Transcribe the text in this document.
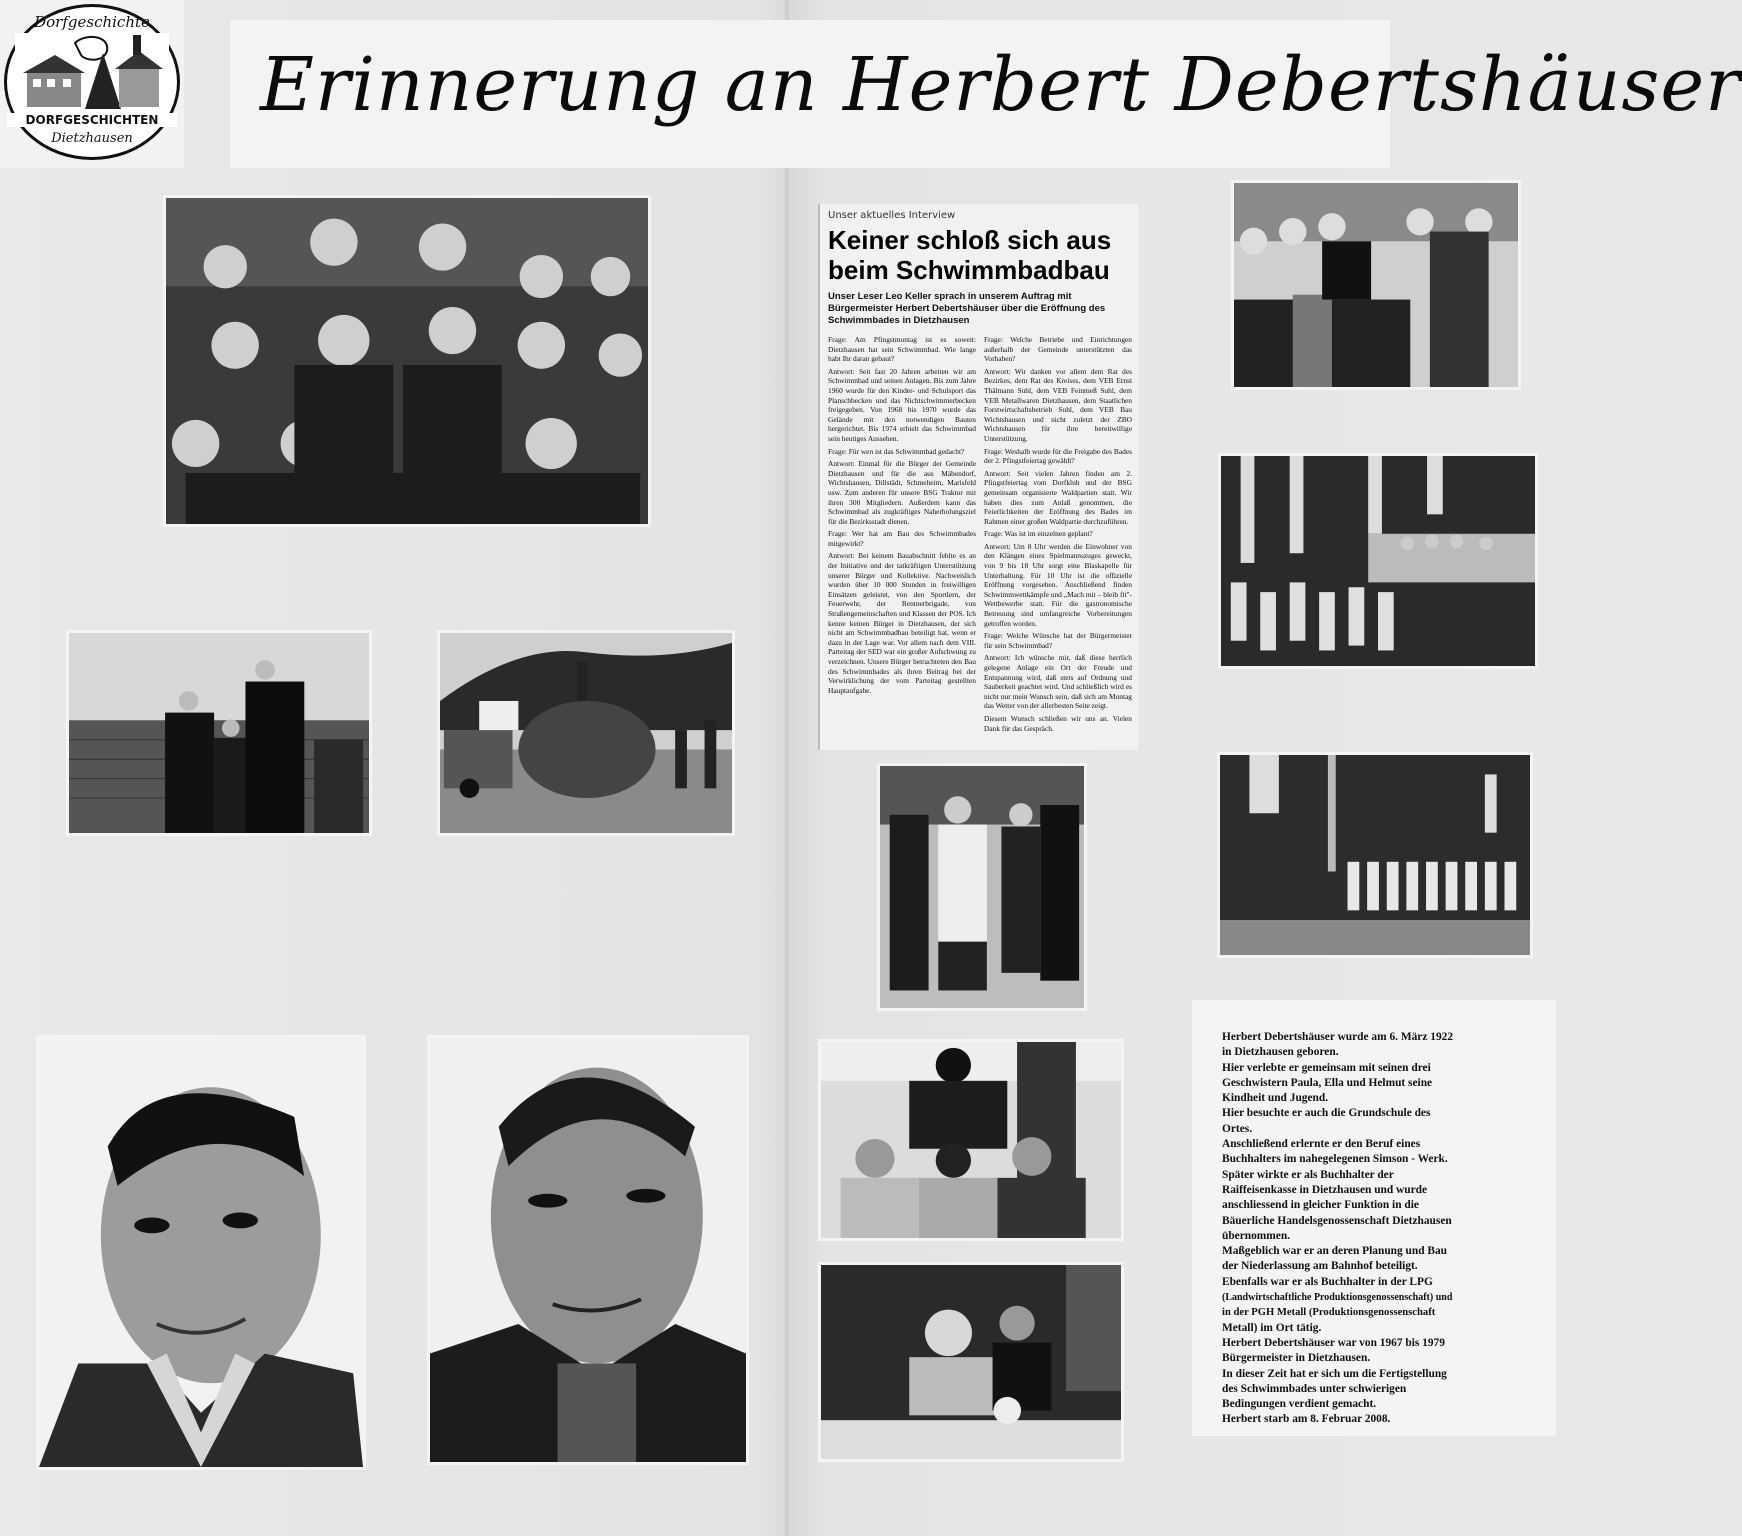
Dorfgeschichte
DORFGESCHICHTEN
Dietzhausen
Erinnerung an Herbert Debertshäuser
Unser aktuelles Interview
Keiner schloß sich aus
beim Schwimmbadbau
Unser Leser Leo Keller sprach in unserem Auftrag mit Bürgermeister Herbert Debertshäuser über die Eröffnung des Schwimmbades in Dietzhausen

Frage: Am Pfingstmontag ist es soweit: Dietzhausen hat sein Schwimmbad. Wie lange habt Ihr daran gebaut?

Antwort: Seit fast 20 Jahren arbeiten wir am Schwimmbad und seinen Anlagen. Bis zum Jahre 1960 wurde für den Kinder- und Schulsport das Planschbecken und das Nichtschwimmerbecken freigegeben. Von 1968 bis 1970 wurde das Gelände mit den notwendigen Bauten hergerichtet. Bis 1974 erhielt das Schwimmbad sein heutiges Aussehen.

Frage: Für wen ist das Schwimmbad gedacht?

Antwort: Einmal für die Bürger der Gemeinde Dietzhausen und für die aus Mäbendorf, Wichtshausen, Dillstädt, Schmeheim, Marisfeld usw. Zum anderen für unsere BSG Traktor mit ihren 300 Mitgliedern. Außerdem kann das Schwimmbad als zugkräftiges Naherholungsziel für die Bezirksstadt dienen.

Frage: Wer hat am Bau des Schwimmbades mitgewirkt?

Antwort: Bei keinem Bauabschnitt fehlte es an der Initiative und der tatkräftigen Unterstützung unserer Bürger und Kollektive. Nachweislich wurden über 10 000 Stunden in freiwilligen Einsätzen geleistet, von den Sportlern, der Feuerwehr, der Rentnerbrigade, von Straßengemeinschaften und Klassen der POS. Ich kenne keinen Bürger in Dietzhausen, der sich nicht am Schwimmbadbau beteiligt hat, wenn er dazu in der Lage war. Vor allem nach dem VIII. Parteitag der SED war ein großer Aufschwung zu verzeichnen. Unsere Bürger betrachteten den Bau des Schwimmbades als ihren Beitrag bei der Verwirklichung der vom Parteitag gestellten Hauptaufgabe.

Frage: Welche Betriebe und Einrichtungen außerhalb der Gemeinde unterstützten das Vorhaben?

Antwort: Wir danken vor allem dem Rat des Bezirkes, dem Rat des Kreises, dem VEB Ernst Thälmann Suhl, dem VEB Feinmeß Suhl, dem VEB Metallwaren Dietzhausen, dem Staatlichen Forstwirtschaftsbetrieb Suhl, dem VEB Bau Wichtshausen und nicht zuletzt der ZBO Wichtshausen für ihre bereitwillige Unterstützung.

Frage: Weshalb wurde für die Freigabe des Bades der 2. Pfingstfeiertag gewählt?

Antwort: Seit vielen Jahren finden am 2. Pfingstfeiertag vom Dorfklub und der BSG gemeinsam organisierte Waldpartien statt. Wir haben dies zum Anlaß genommen, die Feierlichkeiten der Eröffnung des Bades im Rahmen einer großen Waldpartie durchzuführen.

Frage: Was ist im einzelnen geplant?

Antwort: Um 8 Uhr werden die Einwohner von den Klängen eines Spielmannszuges geweckt, von 9 bis 18 Uhr sorgt eine Blaskapelle für Unterhaltung. Für 10 Uhr ist die offizielle Eröffnung vorgesehen. Anschließend finden Schwimmwettkämpfe und „Mach mit – bleib fit"-Wettbewerbe statt. Für die gastronomische Betreuung sind umfangreiche Vorbereitungen getroffen worden.

Frage: Welche Wünsche hat der Bürgermeister für sein Schwimmbad?

Antwort: Ich wünsche mir, daß diese herrlich gelegene Anlage ein Ort der Freude und Entspannung wird, daß stets auf Ordnung und Sauberkeit geachtet wird. Und schließlich wird es nicht nur mein Wunsch sein, daß sich am Montag das Wetter von der allerbesten Seite zeigt.

Diesem Wunsch schließen wir uns an. Vielen Dank für das Gespräch.

Herbert Debertshäuser wurde am 6. März 1922

in Dietzhausen geboren.

Hier verlebte er gemeinsam mit seinen drei

Geschwistern Paula, Ella und Helmut seine

Kindheit und Jugend.

Hier besuchte er auch die Grundschule des

Ortes.

Anschließend erlernte er den Beruf eines

Buchhalters im nahegelegenen Simson - Werk.

Später wirkte er als Buchhalter der

Raiffeisenkasse in Dietzhausen und wurde

anschliessend in gleicher Funktion in die

Bäuerliche Handelsgenossenschaft Dietzhausen

übernommen.

Maßgeblich war er an deren Planung und Bau

der Niederlassung am Bahnhof beteiligt.

Ebenfalls war er als Buchhalter in der LPG

(Landwirtschaftliche Produktionsgenossenschaft) und

in der PGH Metall (Produktionsgenossenschaft

Metall) im Ort tätig.

Herbert Debertshäuser war von 1967 bis 1979

Bürgermeister in Dietzhausen.

In dieser Zeit hat er sich um die Fertigstellung

des Schwimmbades unter schwierigen

Bedingungen verdient gemacht.

Herbert starb am 8. Februar 2008.
